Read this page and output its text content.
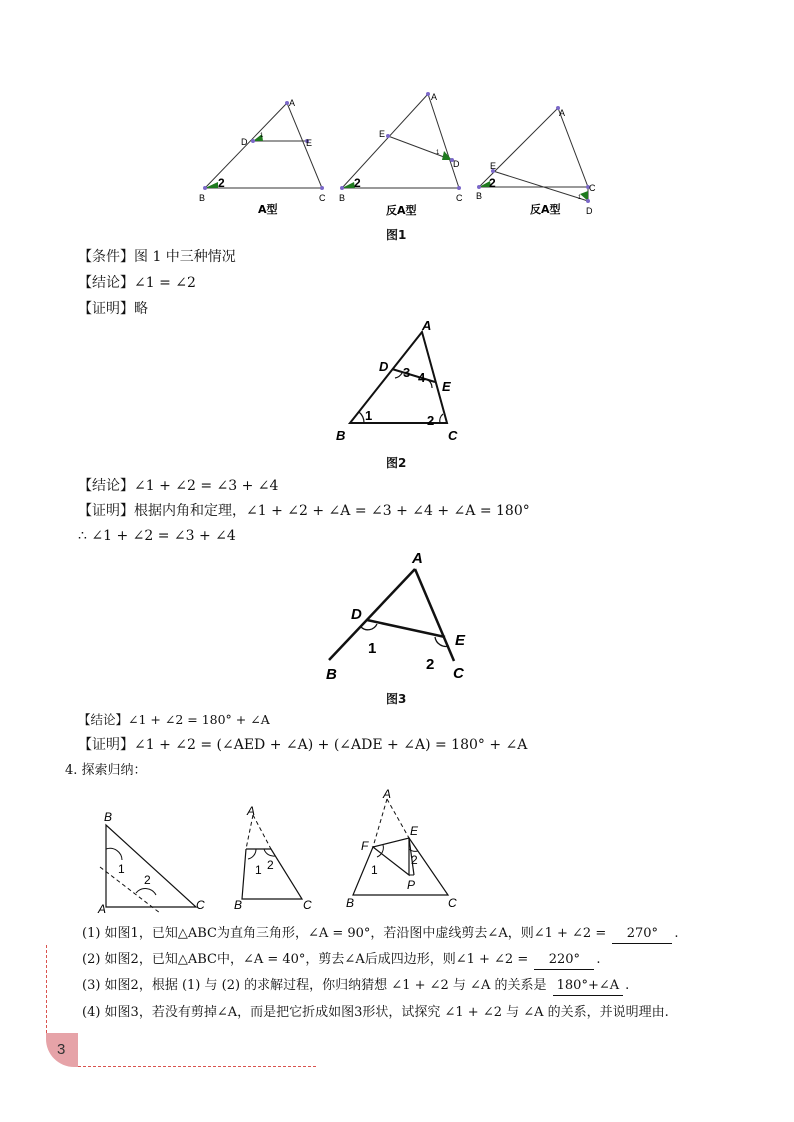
A
B	C
D	E
1
2
A型
A
B	C
D
E
1
2
反A型
A
B
C
D
E
1
2
反A型
图1
【条件】图 1 中三种情况
【结论】∠1 = ∠2
【证明】略
A
B	C
D
E
1	2
3 4
图2
【结论】∠1 + ∠2 = ∠3 + ∠4
【证明】根据内角和定理，∠1 + ∠2 + ∠A = ∠3 + ∠4 + ∠A = 180°
∴ ∠1 + ∠2 = ∠3 + ∠4
A
B	C
D
E
1
2
图3
【结论】∠1 + ∠2 = 180° + ∠A
【证明】∠1 + ∠2 = (∠AED + ∠A) + (∠ADE + ∠A) = 180° + ∠A
4. 探索归纳：
B
A	C
1
2
A
B	C
1 2
A
B	C
E
F
P
1
2
(1) 如图1，已知△ABC为直角三角形，∠A = 90°，若沿图中虚线剪去∠A，则∠1 + ∠2 = 270° .
(2) 如图2，已知△ABC中，∠A = 40°，剪去∠A后成四边形，则∠1 + ∠2 = 220° .
(3) 如图2，根据 (1) 与 (2) 的求解过程，你归纳猜想 ∠1 + ∠2 与 ∠A 的关系是 180°+∠A .
(4) 如图3，若没有剪掉∠A，而是把它折成如图3形状，试探究 ∠1 + ∠2 与 ∠A 的关系，并说明理由.
3
